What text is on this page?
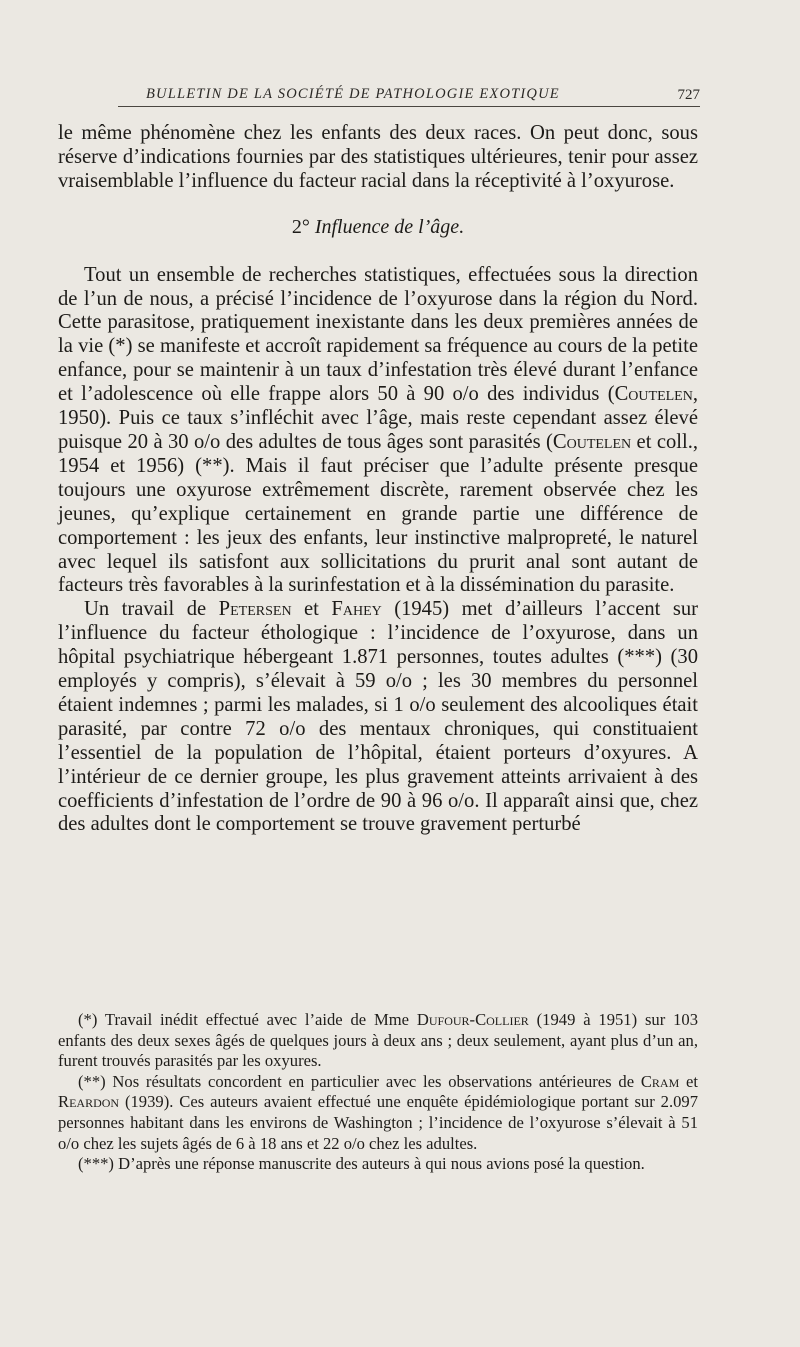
BULLETIN DE LA SOCIÉTÉ DE PATHOLOGIE EXOTIQUE	727

le même phénomène chez les enfants des deux races. On peut donc, sous réserve d’indications fournies par des statistiques ultérieures, tenir pour assez vraisemblable l’influence du facteur racial dans la réceptivité à l’oxyurose.

2° Influence de l’âge.

Tout un ensemble de recherches statistiques, effectuées sous la direction de l’un de nous, a précisé l’incidence de l’oxyurose dans la région du Nord. Cette parasitose, pratiquement inexistante dans les deux premières années de la vie (*) se manifeste et accroît rapidement sa fréquence au cours de la petite enfance, pour se maintenir à un taux d’infestation très élevé durant l’enfance et l’adolescence où elle frappe alors 50 à 90 o/o des individus (Coutelen, 1950). Puis ce taux s’infléchit avec l’âge, mais reste cependant assez élevé puisque 20 à 30 o/o des adultes de tous âges sont parasités (Coutelen et coll., 1954 et 1956) (**). Mais il faut préciser que l’adulte présente presque toujours une oxyurose extrêmement discrète, rarement observée chez les jeunes, qu’explique certainement en grande partie une différence de comportement : les jeux des enfants, leur instinctive malpropreté, le naturel avec lequel ils satisfont aux sollicitations du prurit anal sont autant de facteurs très favorables à la surinfestation et à la dissémination du parasite.

Un travail de Petersen et Fahey (1945) met d’ailleurs l’accent sur l’influence du facteur éthologique : l’incidence de l’oxyurose, dans un hôpital psychiatrique hébergeant 1.871 personnes, toutes adultes (***) (30 employés y compris), s’élevait à 59 o/o ; les 30 membres du personnel étaient indemnes ; parmi les malades, si 1 o/o seulement des alcooliques était parasité, par contre 72 o/o des mentaux chroniques, qui constituaient l’essentiel de la population de l’hôpital, étaient porteurs d’oxyures. A l’intérieur de ce dernier groupe, les plus gravement atteints arrivaient à des coefficients d’infestation de l’ordre de 90 à 96 o/o. Il apparaît ainsi que, chez des adultes dont le comportement se trouve gravement perturbé

(*) Travail inédit effectué avec l’aide de Mme Dufour-Collier (1949 à 1951) sur 103 enfants des deux sexes âgés de quelques jours à deux ans ; deux seulement, ayant plus d’un an, furent trouvés parasités par les oxyures.

(**) Nos résultats concordent en particulier avec les observations antérieures de Cram et Reardon (1939). Ces auteurs avaient effectué une enquête épidémiologique portant sur 2.097 personnes habitant dans les environs de Washington ; l’incidence de l’oxyurose s’élevait à 51 o/o chez les sujets âgés de 6 à 18 ans et 22 o/o chez les adultes.

(***) D’après une réponse manuscrite des auteurs à qui nous avions posé la question.
